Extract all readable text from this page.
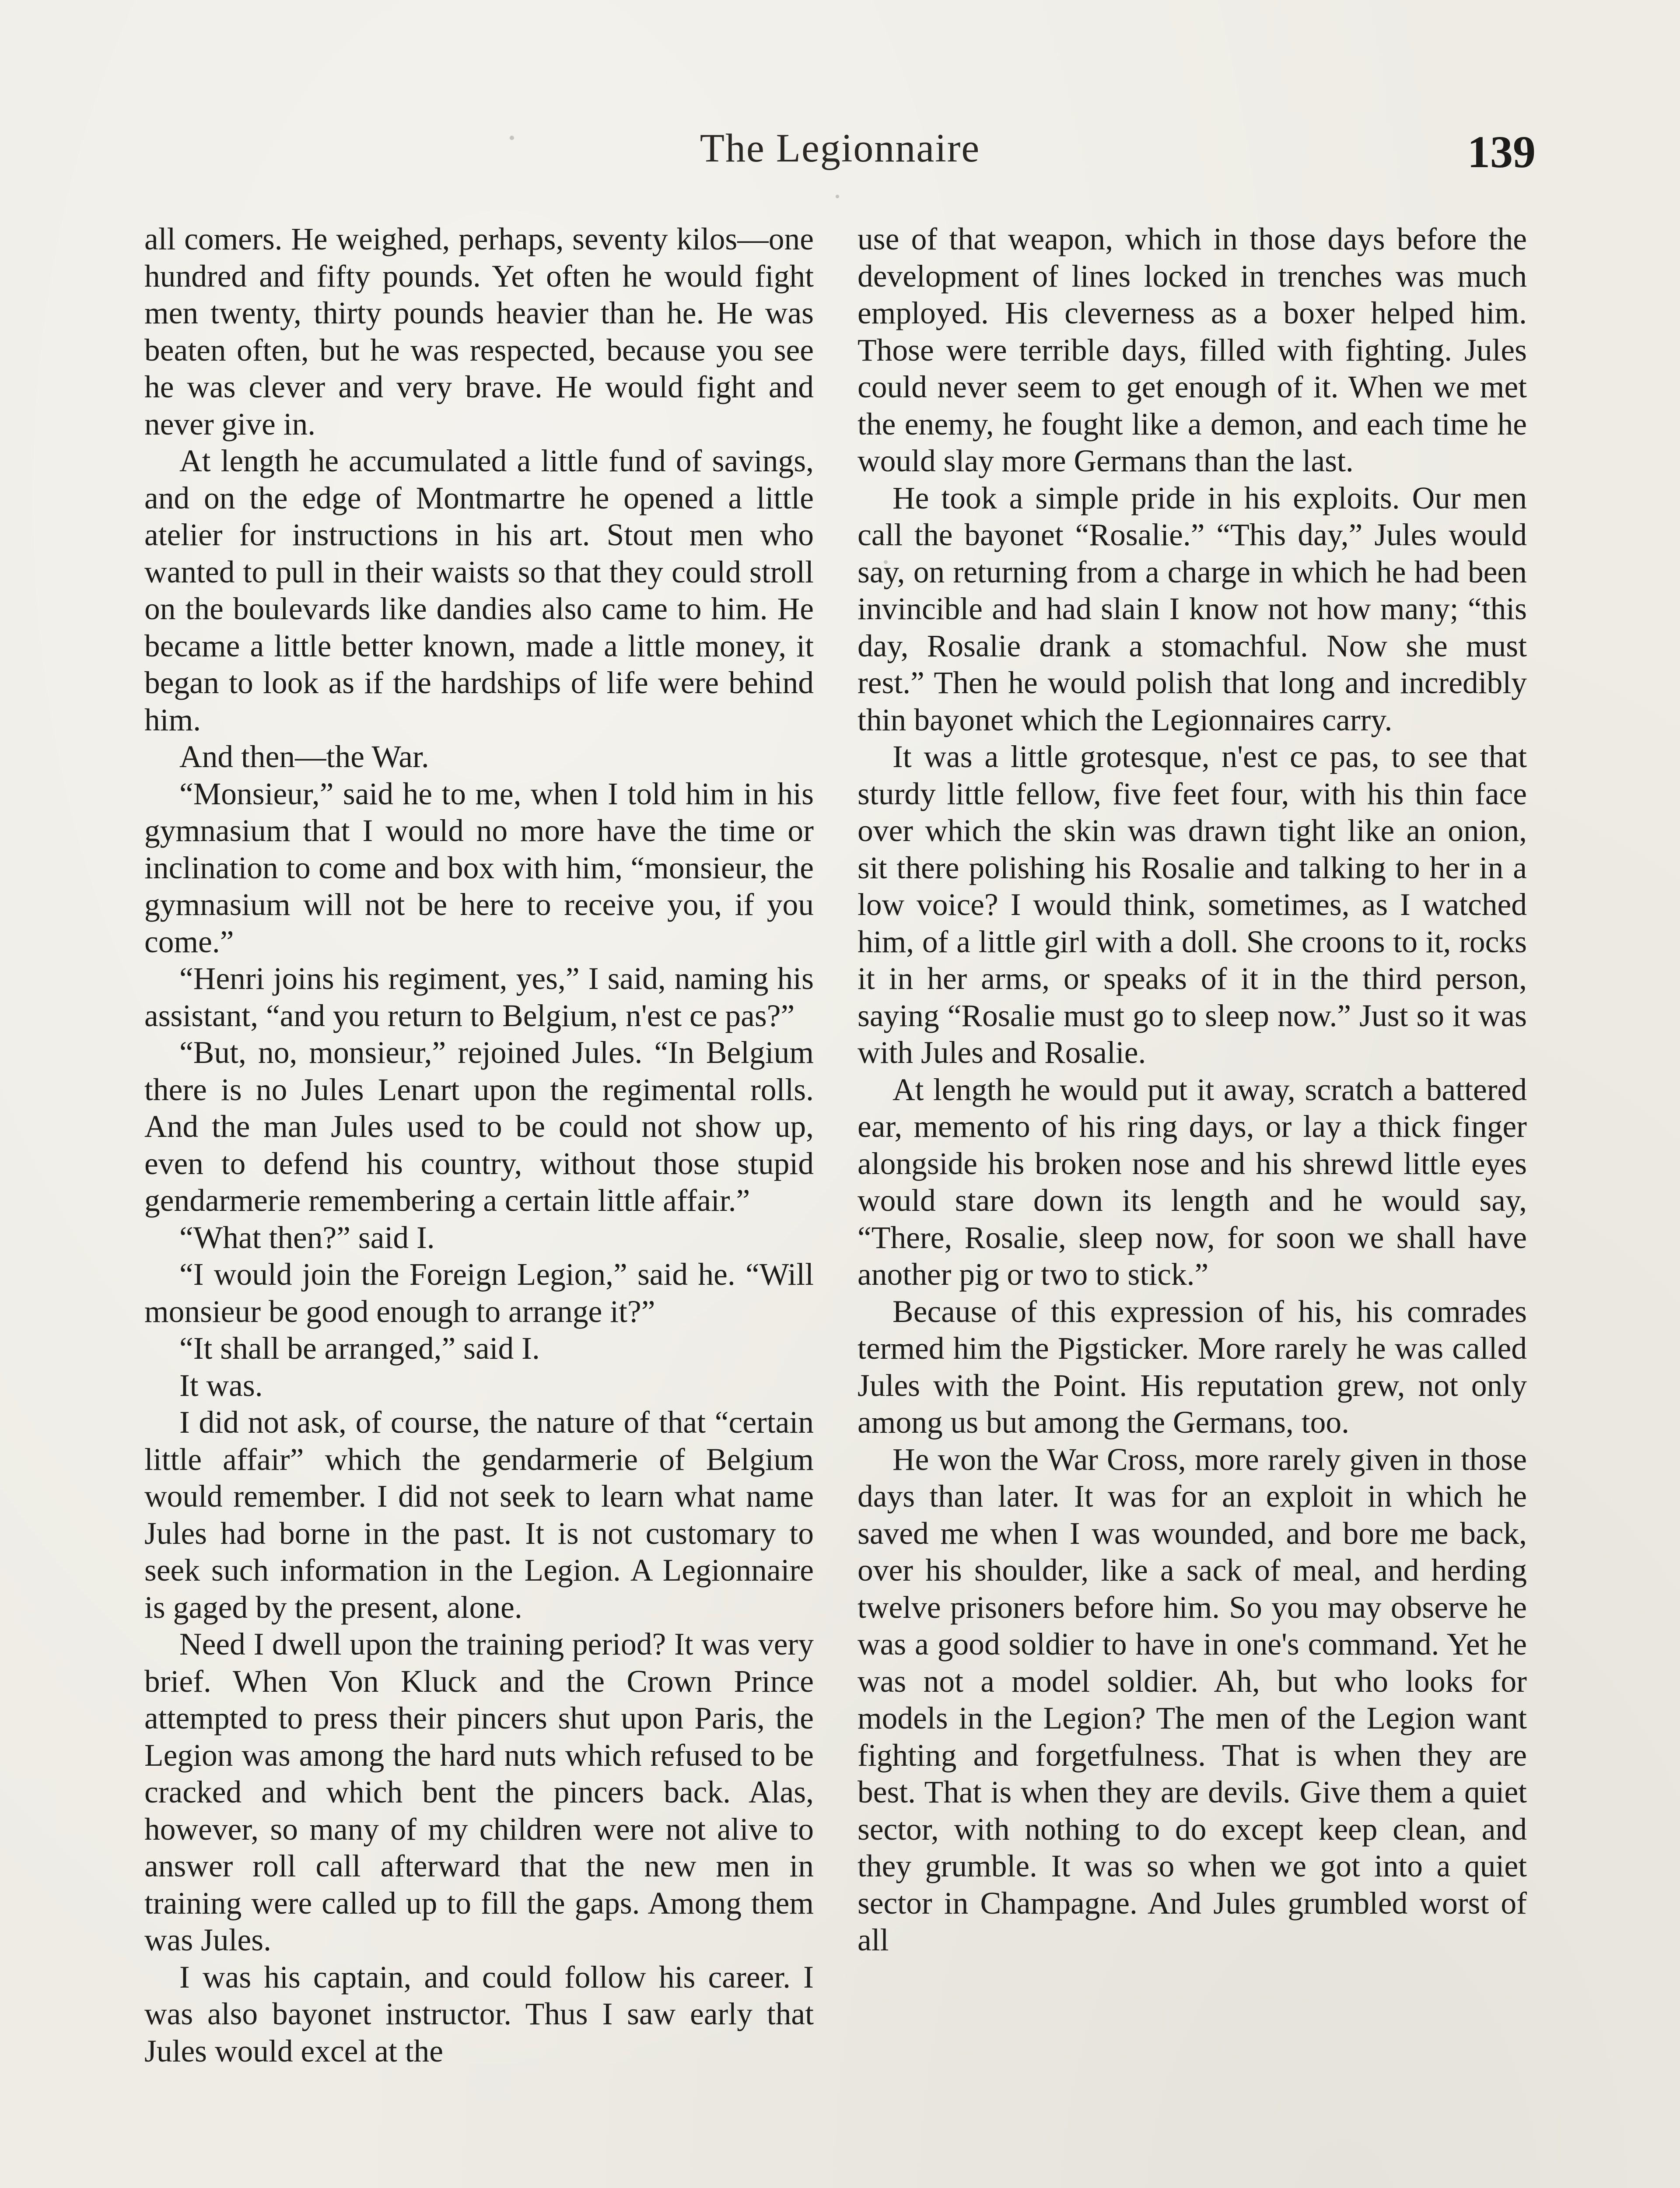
The Legionnaire	139

all comers. He weighed, perhaps, seventy kilos—one hundred and fifty pounds. Yet often he would fight men twenty, thirty pounds heavier than he. He was beaten often, but he was respected, because you see he was clever and very brave. He would fight and never give in.

At length he accumulated a little fund of savings, and on the edge of Montmartre he opened a little atelier for instructions in his art. Stout men who wanted to pull in their waists so that they could stroll on the boulevards like dandies also came to him. He became a little better known, made a little money, it began to look as if the hardships of life were behind him.

And then—the War.

“Monsieur,” said he to me, when I told him in his gymnasium that I would no more have the time or inclination to come and box with him, “monsieur, the gymnasium will not be here to receive you, if you come.”

“Henri joins his regiment, yes,” I said, naming his assistant, “and you return to Belgium, n'est ce pas?”

“But, no, monsieur,” rejoined Jules. “In Belgium there is no Jules Lenart upon the regimental rolls. And the man Jules used to be could not show up, even to defend his country, without those stupid gendarmerie remembering a certain little affair.”

“What then?” said I.

“I would join the Foreign Legion,” said he. “Will monsieur be good enough to arrange it?”

“It shall be arranged,” said I.

It was.

I did not ask, of course, the nature of that “certain little affair” which the gendarmerie of Belgium would remember. I did not seek to learn what name Jules had borne in the past. It is not customary to seek such information in the Legion. A Legionnaire is gaged by the present, alone.

Need I dwell upon the training period? It was very brief. When Von Kluck and the Crown Prince attempted to press their pincers shut upon Paris, the Legion was among the hard nuts which refused to be cracked and which bent the pincers back. Alas, however, so many of my children were not alive to answer roll call afterward that the new men in training were called up to fill the gaps. Among them was Jules.

I was his captain, and could follow his career. I was also bayonet instructor. Thus I saw early that Jules would excel at the

use of that weapon, which in those days before the development of lines locked in trenches was much employed. His cleverness as a boxer helped him. Those were terrible days, filled with fighting. Jules could never seem to get enough of it. When we met the enemy, he fought like a demon, and each time he would slay more Germans than the last.

He took a simple pride in his exploits. Our men call the bayonet “Rosalie.” “This day,” Jules would say, on returning from a charge in which he had been invincible and had slain I know not how many; “this day, Rosalie drank a stomachful. Now she must rest.” Then he would polish that long and incredibly thin bayonet which the Legionnaires carry.

It was a little grotesque, n'est ce pas, to see that sturdy little fellow, five feet four, with his thin face over which the skin was drawn tight like an onion, sit there polishing his Rosalie and talking to her in a low voice? I would think, sometimes, as I watched him, of a little girl with a doll. She croons to it, rocks it in her arms, or speaks of it in the third person, saying “Rosalie must go to sleep now.” Just so it was with Jules and Rosalie.

At length he would put it away, scratch a battered ear, memento of his ring days, or lay a thick finger alongside his broken nose and his shrewd little eyes would stare down its length and he would say, “There, Rosalie, sleep now, for soon we shall have another pig or two to stick.”

Because of this expression of his, his comrades termed him the Pigsticker. More rarely he was called Jules with the Point. His reputation grew, not only among us but among the Germans, too.

He won the War Cross, more rarely given in those days than later. It was for an exploit in which he saved me when I was wounded, and bore me back, over his shoulder, like a sack of meal, and herding twelve prisoners before him. So you may observe he was a good soldier to have in one's command. Yet he was not a model soldier. Ah, but who looks for models in the Legion? The men of the Legion want fighting and forgetfulness. That is when they are best. That is when they are devils. Give them a quiet sector, with nothing to do except keep clean, and they grumble. It was so when we got into a quiet sector in Champagne. And Jules grumbled worst of all
